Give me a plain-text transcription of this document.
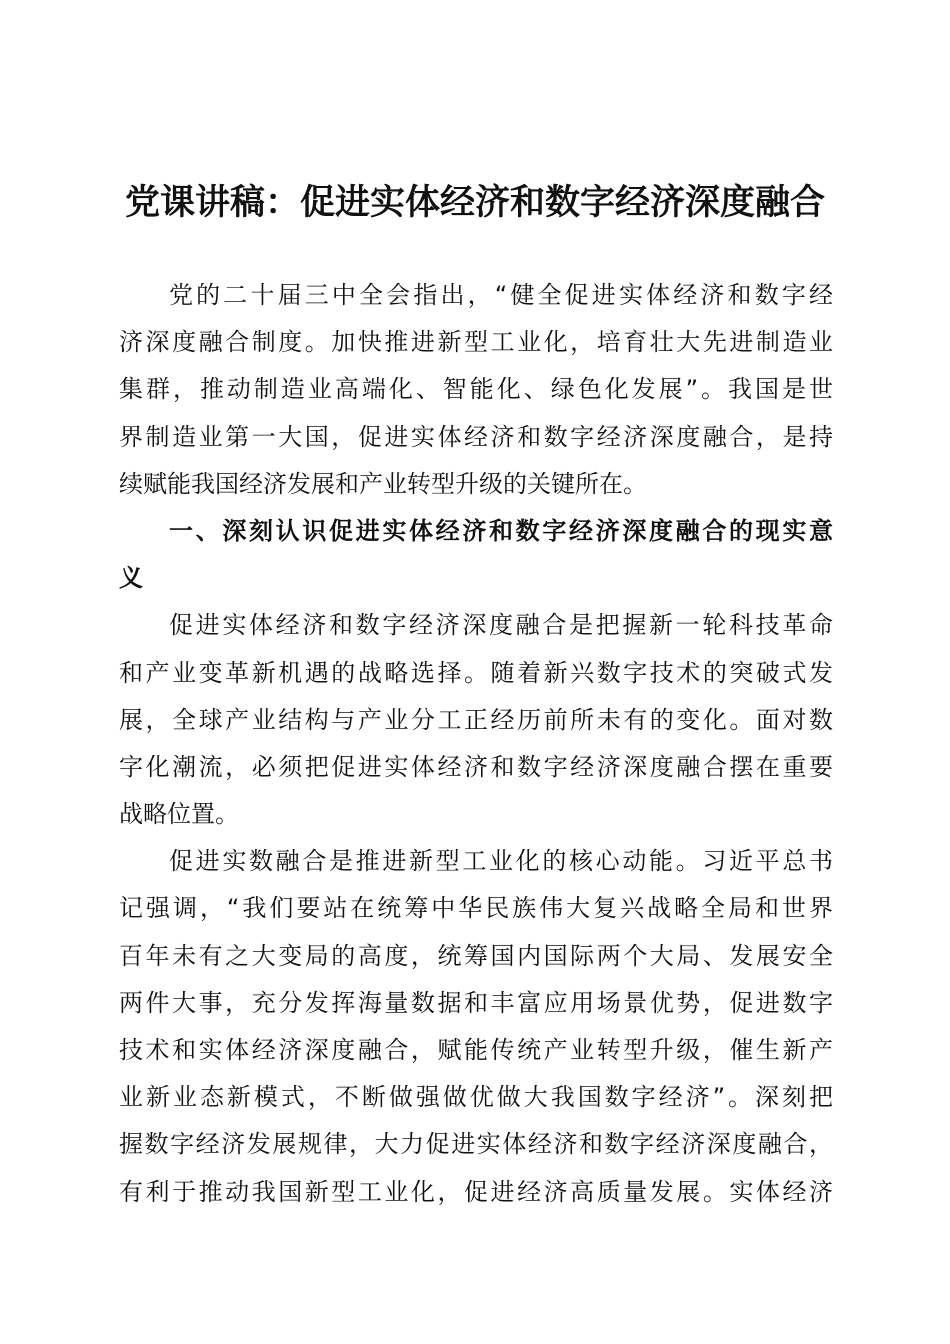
党课讲稿：促进实体经济和数字经济深度融合
党的二十届三中全会指出，“健全促进实体经济和数字经
济深度融合制度。加快推进新型工业化，培育壮大先进制造业
集群，推动制造业高端化、智能化、绿色化发展”。我国是世
界制造业第一大国，促进实体经济和数字经济深度融合，是持
续赋能我国经济发展和产业转型升级的关键所在。
一、深刻认识促进实体经济和数字经济深度融合的现实意
义
促进实体经济和数字经济深度融合是把握新一轮科技革命
和产业变革新机遇的战略选择。随着新兴数字技术的突破式发
展，全球产业结构与产业分工正经历前所未有的变化。面对数
字化潮流，必须把促进实体经济和数字经济深度融合摆在重要
战略位置。
促进实数融合是推进新型工业化的核心动能。习近平总书
记强调，“我们要站在统筹中华民族伟大复兴战略全局和世界
百年未有之大变局的高度，统筹国内国际两个大局、发展安全
两件大事，充分发挥海量数据和丰富应用场景优势，促进数字
技术和实体经济深度融合，赋能传统产业转型升级，催生新产
业新业态新模式，不断做强做优做大我国数字经济”。深刻把
握数字经济发展规律，大力促进实体经济和数字经济深度融合，
有利于推动我国新型工业化，促进经济高质量发展。实体经济
